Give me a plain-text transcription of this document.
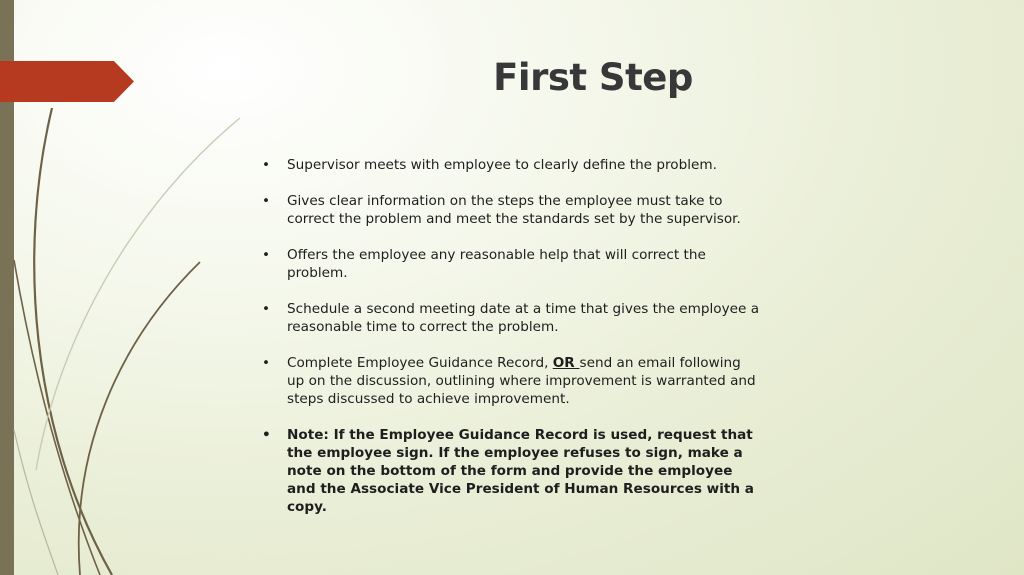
First Step
• Supervisor meets with employee to clearly define the problem.
• Gives clear information on the steps the employee must take to correct the problem and meet the standards set by the supervisor.
• Offers the employee any reasonable help that will correct the problem.
• Schedule a second meeting date at a time that gives the employee a reasonable time to correct the problem.
• Complete Employee Guidance Record, OR send an email following up on the discussion, outlining where improvement is warranted and steps discussed to achieve improvement.
• Note: If the Employee Guidance Record is used, request that the employee sign. If the employee refuses to sign, make a note on the bottom of the form and provide the employee and the Associate Vice President of Human Resources with a copy.
